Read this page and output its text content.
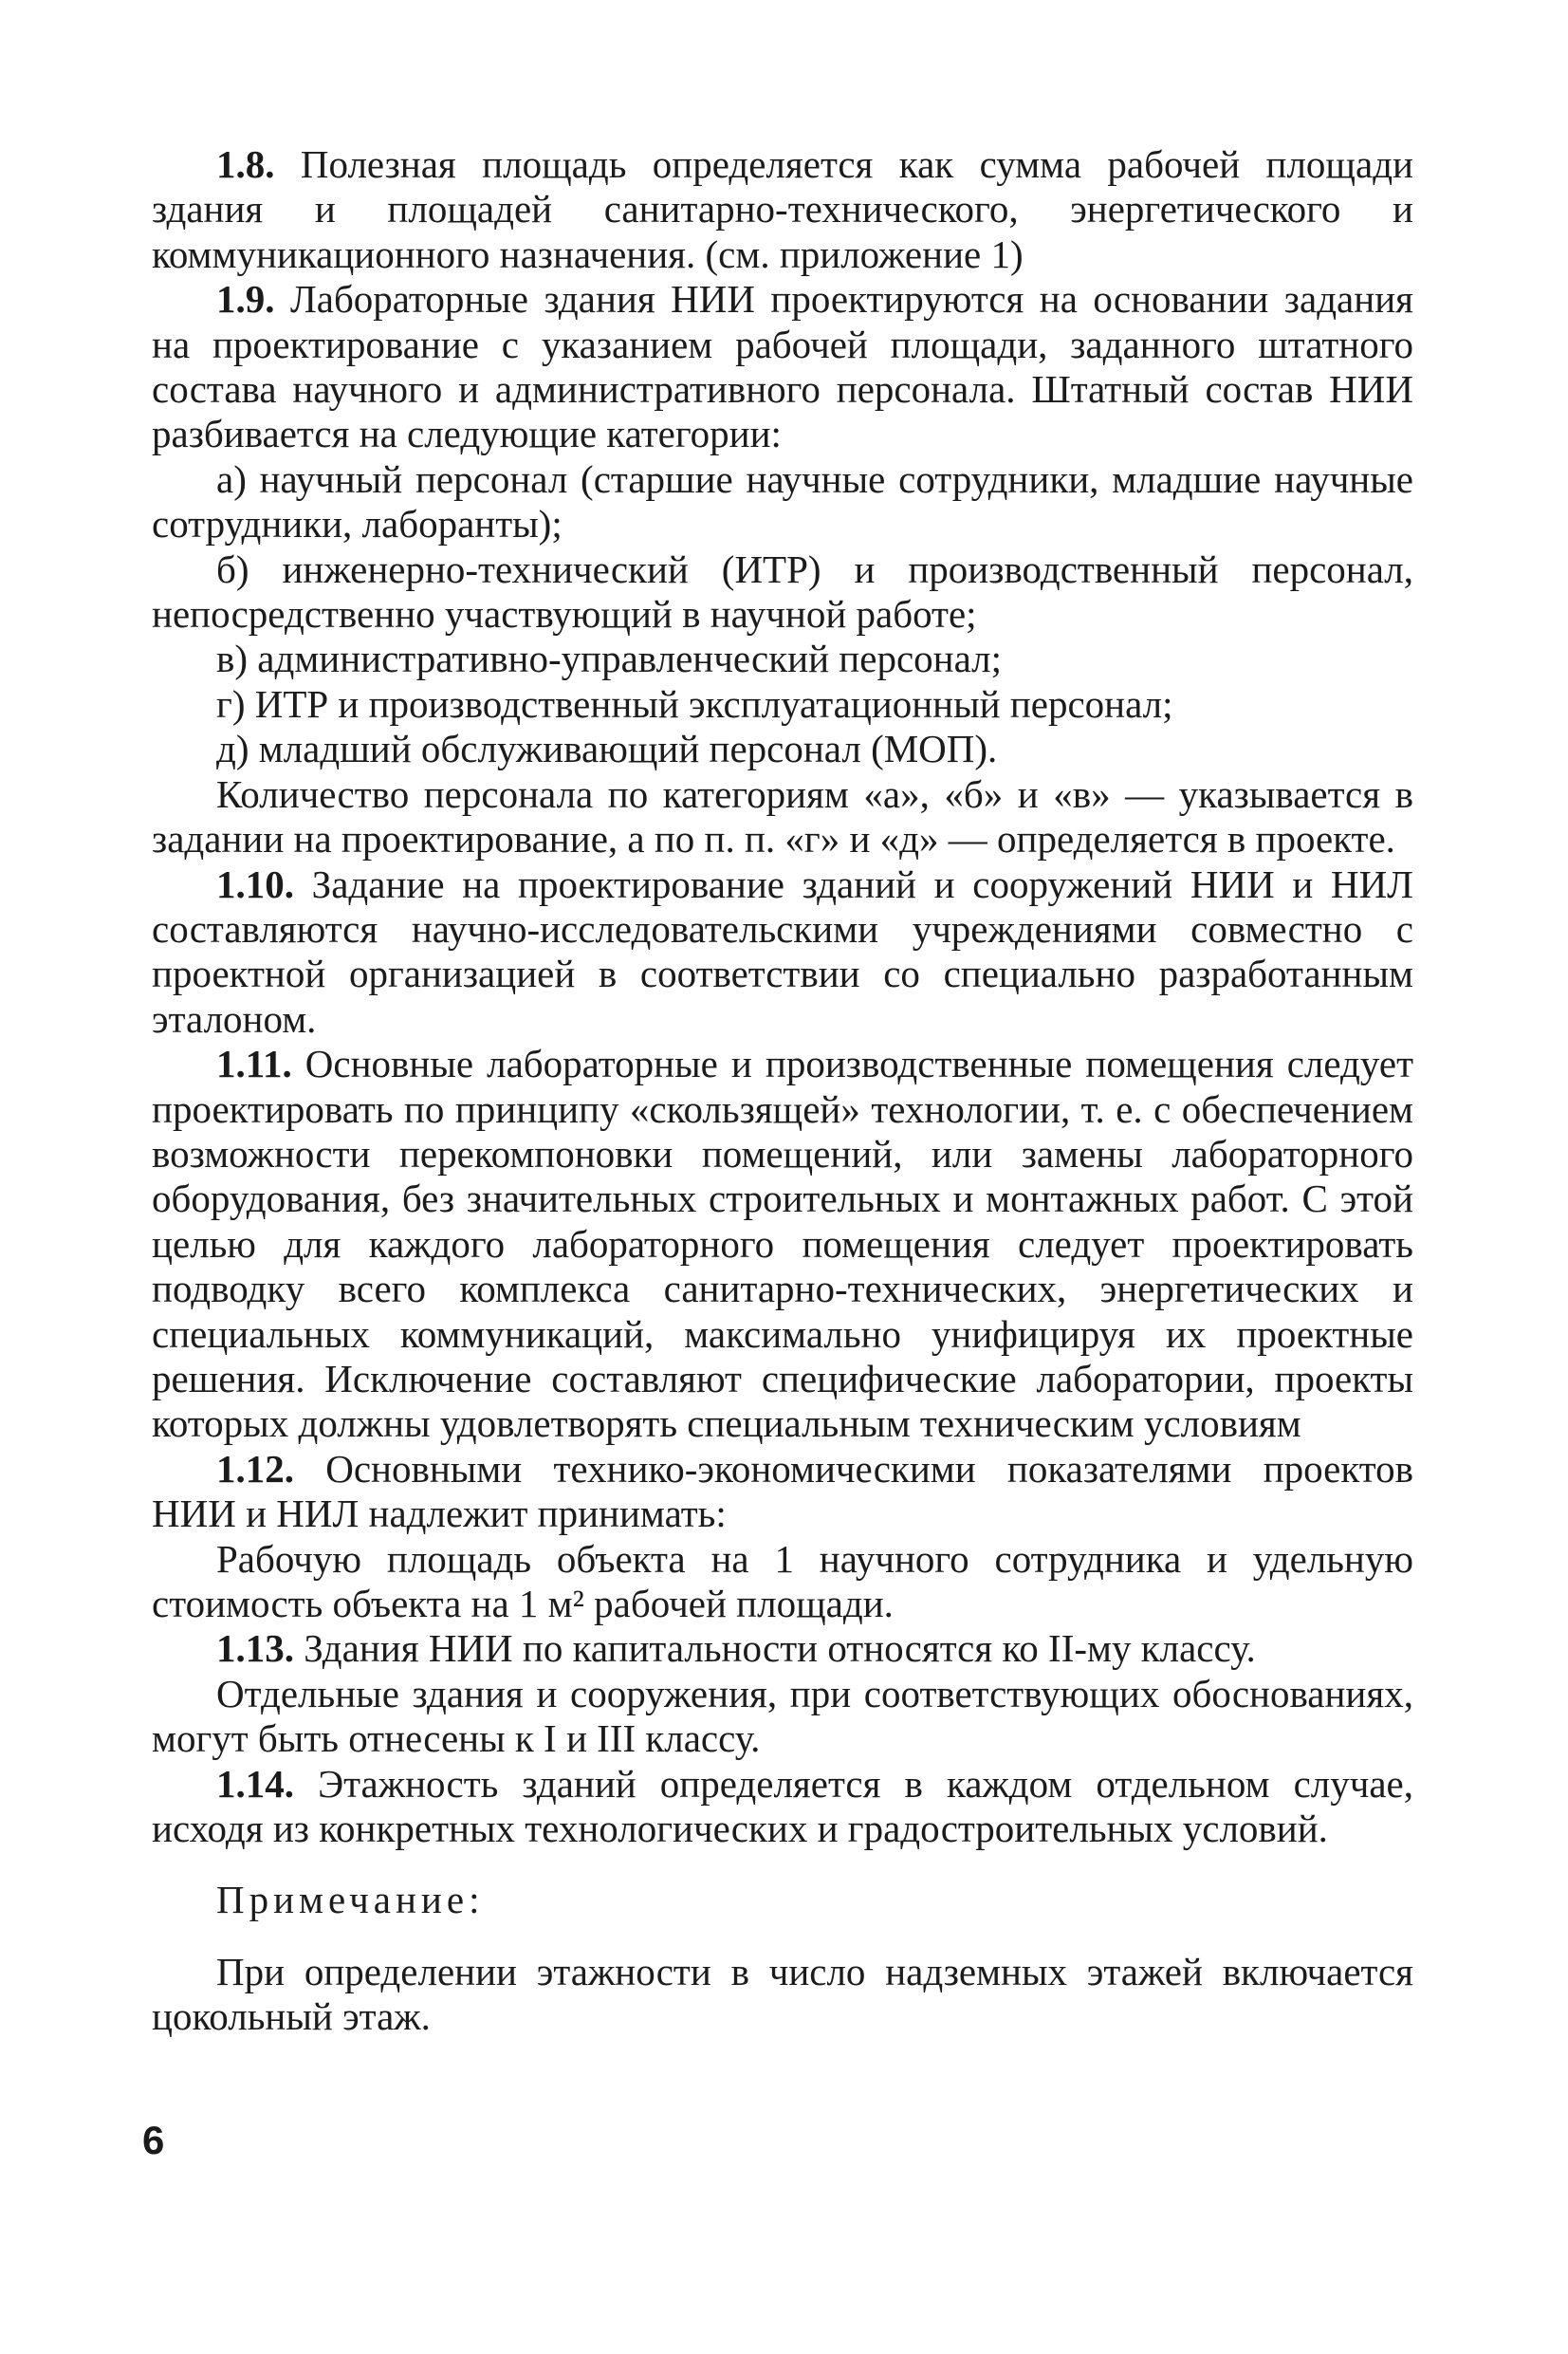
1.8. Полезная площадь определяется как сумма рабочей площади здания и площадей санитарно-технического, энергетического и коммуникационного назначения. (см. приложение 1)

1.9. Лабораторные здания НИИ проектируются на основании задания на проектирование с указанием рабочей площади, заданного штатного состава научного и административного персонала. Штатный состав НИИ разбивается на следующие категории:

а) научный персонал (старшие научные сотрудники, младшие научные сотрудники, лаборанты);

б) инженерно-технический (ИТР) и производственный персонал, непосредственно участвующий в научной работе;

в) административно-управленческий персонал;

г) ИТР и производственный эксплуатационный персонал;

д) младший обслуживающий персонал (МОП).

Количество персонала по категориям «а», «б» и «в» — указывается в задании на проектирование, а по п. п. «г» и «д» — определяется в проекте.

1.10. Задание на проектирование зданий и сооружений НИИ и НИЛ составляются научно-исследовательскими учреждениями совместно с проектной организацией в соответствии со специально разработанным эталоном.

1.11. Основные лабораторные и производственные помещения следует проектировать по принципу «скользящей» технологии, т. е. с обеспечением возможности перекомпоновки помещений, или замены лабораторного оборудования, без значительных строительных и монтажных работ. С этой целью для каждого лабораторного помещения следует проектировать подводку всего комплекса санитарно-технических, энергетических и специальных коммуникаций, максимально унифицируя их проектные решения. Исключение составляют специфические лаборатории, проекты которых должны удовлетворять специальным техническим условиям

1.12. Основными технико-экономическими показателями проектов НИИ и НИЛ надлежит принимать:

Рабочую площадь объекта на 1 научного сотрудника и удельную стоимость объекта на 1 м² рабочей площади.

1.13. Здания НИИ по капитальности относятся ко II-му классу.

Отдельные здания и сооружения, при соответствующих обоснованиях, могут быть отнесены к I и III классу.

1.14. Этажность зданий определяется в каждом отдельном случае, исходя из конкретных технологических и градостроительных условий.

Примечание:

При определении этажности в число надземных этажей включается цокольный этаж.

6
